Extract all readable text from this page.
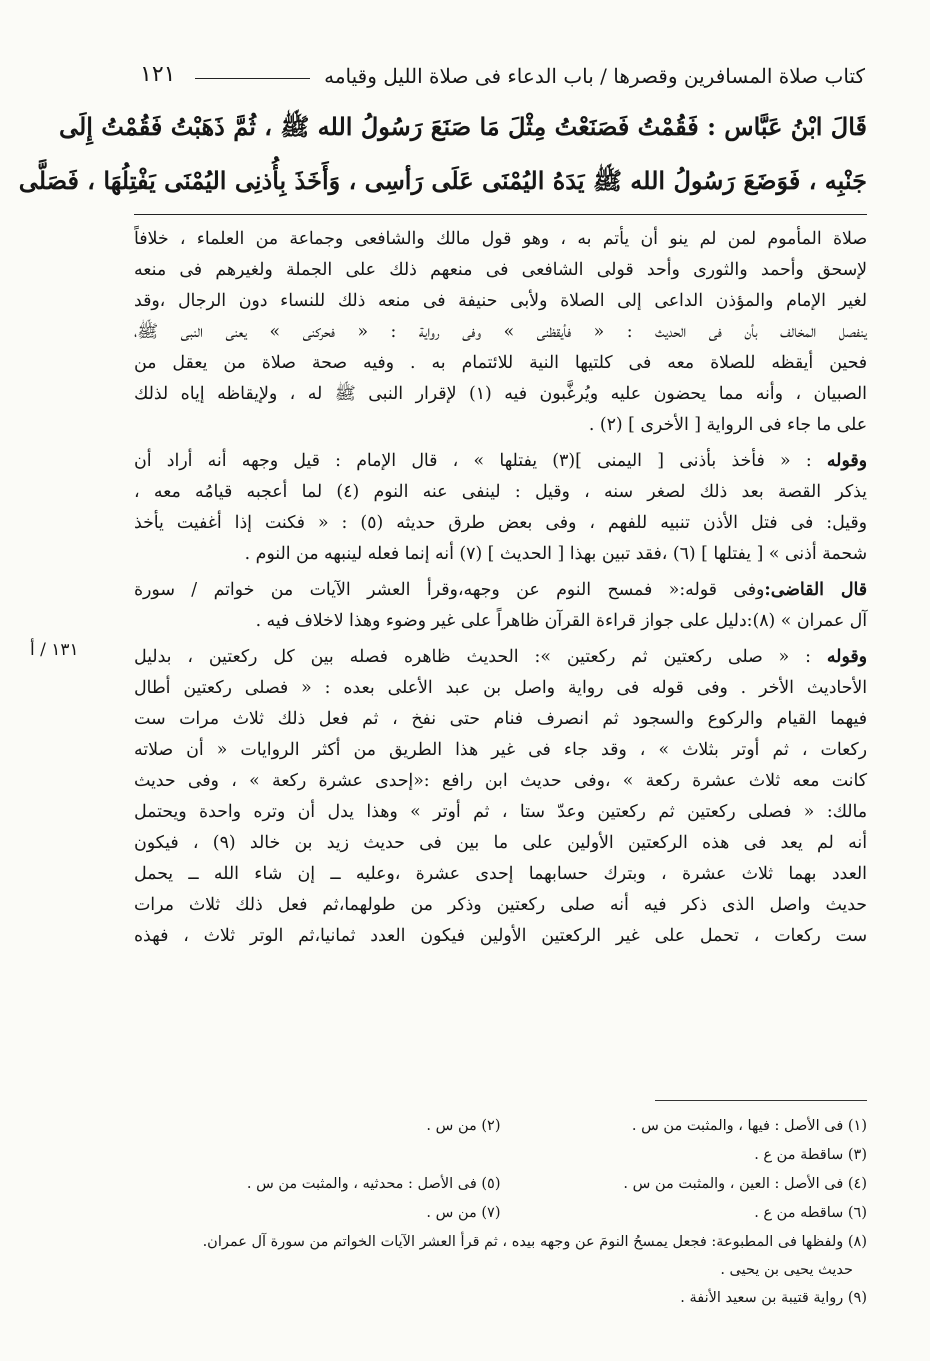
كتاب صلاة المسافرين وقصرها / باب الدعاء فى صلاة الليل وقيامه
١٢١
قَالَ ابْنُ عَبَّاس : فَقُمْتُ فَصَنَعْتُ مِثْلَ مَا صَنَعَ رَسُولُ الله ﷺ ، ثُمَّ ذَهَبْتُ فَقُمْتُ إِلَى
جَنْبِه ، فَوَضَعَ رَسُولُ الله ﷺ يَدَهُ اليُمْنَى عَلَى رَأسِى ، وَأَخَذَ بِأُذنِى اليُمْنَى يَفْتِلُهَا ، فَصَلَّى
١٣١ / أ
صلاة المأموم لمن لم ينو أن يأتم به ، وهو قول مالك والشافعى وجماعة من العلماء ، خلافاً
لإسحق وأحمد والثورى وأحد قولى الشافعى فى منعهم ذلك على الجملة ولغيرهم فى منعه
لغير الإمام والمؤذن الداعى إلى الصلاة ولأبى حنيفة فى منعه ذلك للنساء دون الرجال ،وقد
ينفصل المخالف بأن فى الحديث : « فأيقظنى » وفى رواية : « فحركنى » يعنى النبى ﷺ،
فحين أيقظه للصلاة معه فى كلتيها النية للائتمام به . وفيه صحة صلاة من يعقل من
الصبيان ، وأنه مما يحضون عليه ويُرغَّبون فيه (١) لإقرار النبى ﷺ له ، ولإيقاظه إياه لذلك
على ما جاء فى الرواية [ الأخرى ] (٢) .
وقوله : « فأخذ بأذنى [ اليمنى ](٣) يفتلها » ، قال الإمام : قيل وجهه أنه أراد أن
يذكر القصة بعد ذلك لصغر سنه ، وقيل : لينفى عنه النوم (٤) لما أعجبه قيامُه معه ،
وقيل: فى فتل الأذن تنبيه للفهم ، وفى بعض طرق حديثه (٥) : « فكنت إذا أغفيت يأخذ
شحمة أذنى » [ يفتلها ] (٦) ،فقد تبين بهذا [ الحديث ] (٧) أنه إنما فعله لينبهه من النوم .
قال القاضى:وفى قوله:« فمسح النوم عن وجهه،وقرأ العشر الآيات من خواتم / سورة
آل عمران » (٨):دليل على جواز قراءة القرآن ظاهراً على غير وضوء وهذا لاخلاف فيه .
وقوله : « صلى ركعتين ثم ركعتين »: الحديث ظاهره فصله بين كل ركعتين ، بدليل
الأحاديث الأخر . وفى قوله فى رواية واصل بن عبد الأعلى بعده : « فصلى ركعتين أطال
فيهما القيام والركوع والسجود ثم انصرف فنام حتى نفخ ، ثم فعل ذلك ثلاث مرات ست
ركعات ، ثم أوتر بثلاث » ، وقد جاء فى غير هذا الطريق من أكثر الروايات « أن صلاته
كانت معه ثلاث عشرة ركعة » ،وفى حديث ابن رافع :«إحدى عشرة ركعة » ، وفى حديث
مالك: « فصلى ركعتين ثم ركعتين وعدّ ستا ، ثم أوتر » وهذا يدل أن وتره واحدة ويحتمل
أنه لم يعد فى هذه الركعتين الأولين على ما بين فى حديث زيد بن خالد (٩) ، فيكون
العدد بهما ثلاث عشرة ، وبترك حسابهما إحدى عشرة ،وعليه ــ إن شاء الله ــ يحمل
حديث واصل الذى ذكر فيه أنه صلى ركعتين وذكر من طولهما،ثم فعل ذلك ثلاث مرات
ست ركعات ، تحمل على غير الركعتين الأولين فيكون العدد ثمانيا،ثم الوتر ثلاث ، فهذه
(١) فى الأصل : فيها ، والمثبت من س .
(٢) من س .
(٣) ساقطة من ع .
(٤) فى الأصل : العين ، والمثبت من س .
(٥) فى الأصل : محدثيه ، والمثبت من س .
(٦) ساقطه من ع .
(٧) من س .
(٨) ولفظها فى المطبوعة: فجعل يمسحُ النومَ عن وجهه بيده ، ثم قرأ العشر الآيات الخواتم من سورة آل عمران.
حديث يحيى بن يحيى .
(٩) رواية قتيبة بن سعيد الأنفة .
